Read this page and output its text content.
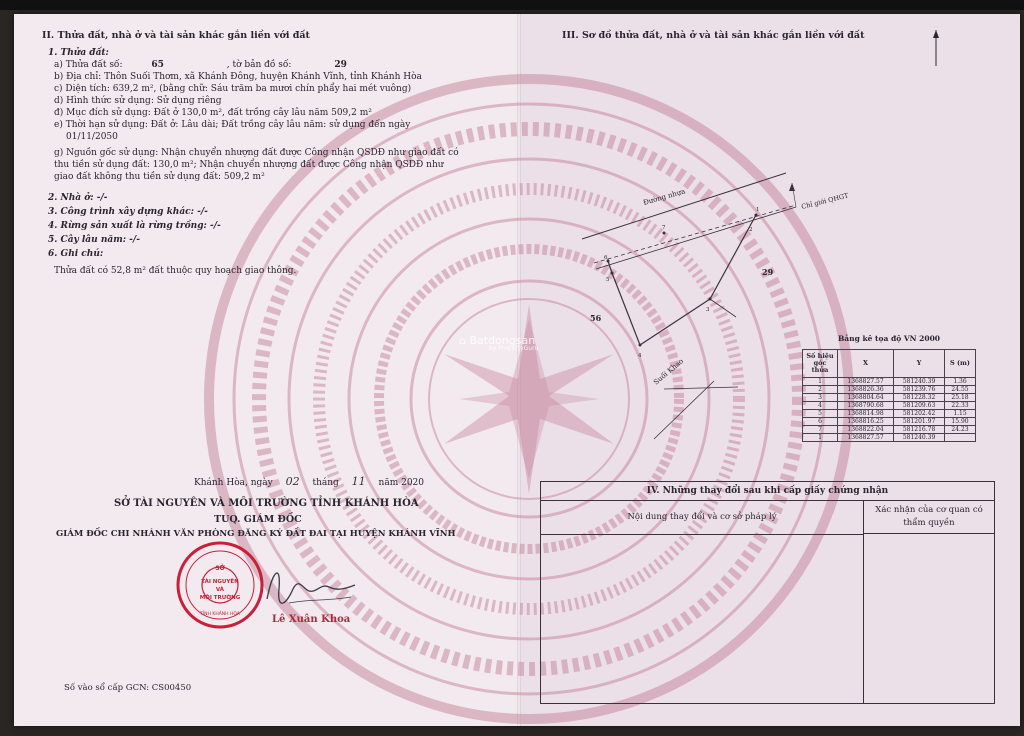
II. Thửa đất, nhà ở và tài sản khác gắn liền với đất
1. Thửa đất:
a) Thửa đất số:	65	, tờ bản đồ số:	29
b) Địa chỉ: Thôn Suối Thơm, xã Khánh Đông, huyện Khánh Vĩnh, tỉnh Khánh Hòa
c) Diện tích: 639,2 m², (bằng chữ: Sáu trăm ba mươi chín phẩy hai mét vuông)
d) Hình thức sử dụng: Sử dụng riêng
đ) Mục đích sử dụng: Đất ở 130,0 m², đất trồng cây lâu năm 509,2 m²
e) Thời hạn sử dụng: Đất ở: Lâu dài; Đất trồng cây lâu năm: sử dụng đến ngày
01/11/2050
g) Nguồn gốc sử dụng: Nhận chuyển nhượng đất được Công nhận QSDĐ như giao đất có
thu tiền sử dụng đất: 130,0 m²; Nhận chuyển nhượng đất được Công nhận QSDĐ như
giao đất không thu tiền sử dụng đất: 509,2 m²
2. Nhà ở: -/-
3. Công trình xây dựng khác: -/-
4. Rừng sản xuất là rừng trồng: -/-
5. Cây lâu năm: -/-
6. Ghi chú:
Thửa đất có 52,8 m² đất thuộc quy hoạch giao thông.
Khánh Hòa, ngày 02 tháng 11 năm 2020
SỞ TÀI NGUYÊN VÀ MÔI TRƯỜNG TỈNH KHÁNH HÒA
TUQ. GIÁM ĐỐC
GIÁM ĐỐC CHI NHÁNH VĂN PHÒNG ĐĂNG KÝ ĐẤT ĐAI TẠI HUYỆN KHÁNH VĨNH
SỞ
TÀI NGUYÊN
VÀ
MÔI TRƯỜNG
TỈNH KHÁNH HÒA	Lê Xuân Khoa
Số vào sổ cấp GCN: CS00450
III. Sơ đồ thửa đất, nhà ở và tài sản khác gắn liền với đất
Đường nhựa	Chỉ giới QHGT
Suối Khao
56
29
1
2
3
4
5
6
7
Bảng kê tọa độ VN 2000
Số hiệu góc thửa	X	Y	S (m)
1	1368827.57	581240.39	1.36
2	1368826.36	581239.76	24.55
3	1368804.64	581228.32	25.18
4	1368790.68	581209.63	22.33
5	1368814.98	581202.42	1.15
6	1368816.25	581201.97	15.90
7	1368822.04	581216.78	24.23
1	1368827.57	581240.39	
IV. Những thay đổi sau khi cấp giấy chứng nhận
Nội dung thay đổi và cơ sở pháp lý
Xác nhận của cơ quan có thẩm quyền
⌂ Batdongsan
by PropertyGuru
